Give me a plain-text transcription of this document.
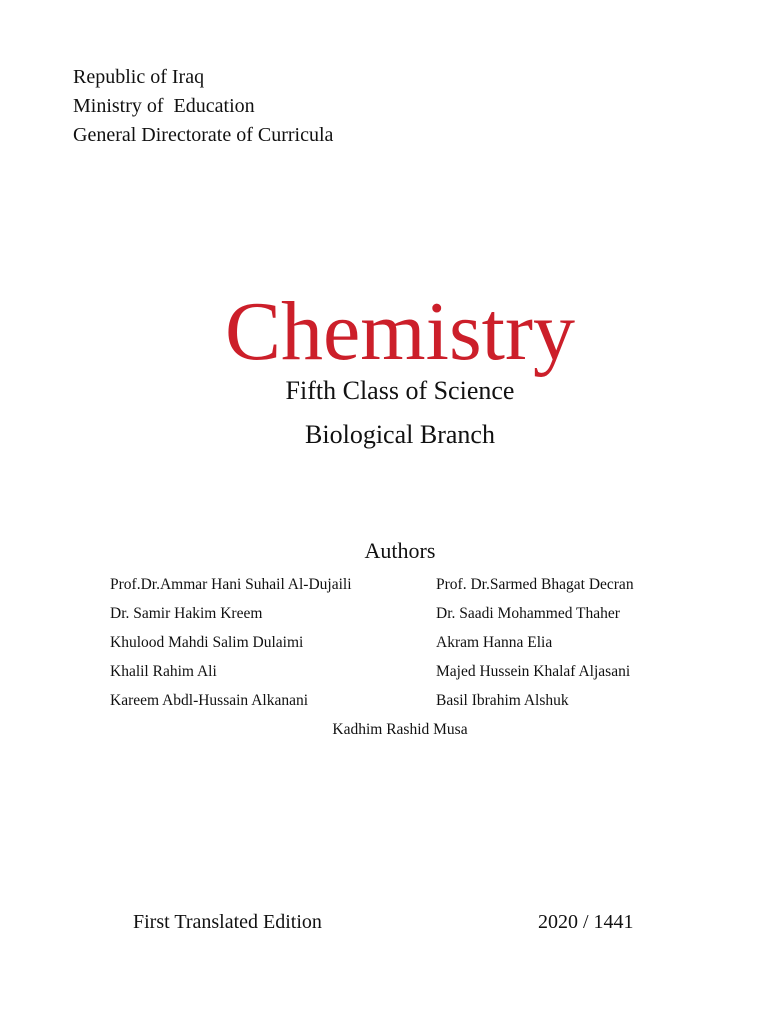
Republic of Iraq
Ministry of  Education
General Directorate of Curricula
Chemistry
Fifth Class of Science
Biological Branch
Authors
Prof.Dr.Ammar Hani Suhail Al-Dujaili	Prof. Dr.Sarmed Bhagat Decran
Dr. Samir Hakim Kreem	Dr. Saadi Mohammed Thaher
Khulood Mahdi Salim Dulaimi	Akram Hanna Elia
Khalil Rahim Ali	Majed Hussein Khalaf Aljasani
Kareem Abdl-Hussain Alkanani	Basil Ibrahim Alshuk
Kadhim Rashid Musa
First Translated Edition	2020 / 1441
